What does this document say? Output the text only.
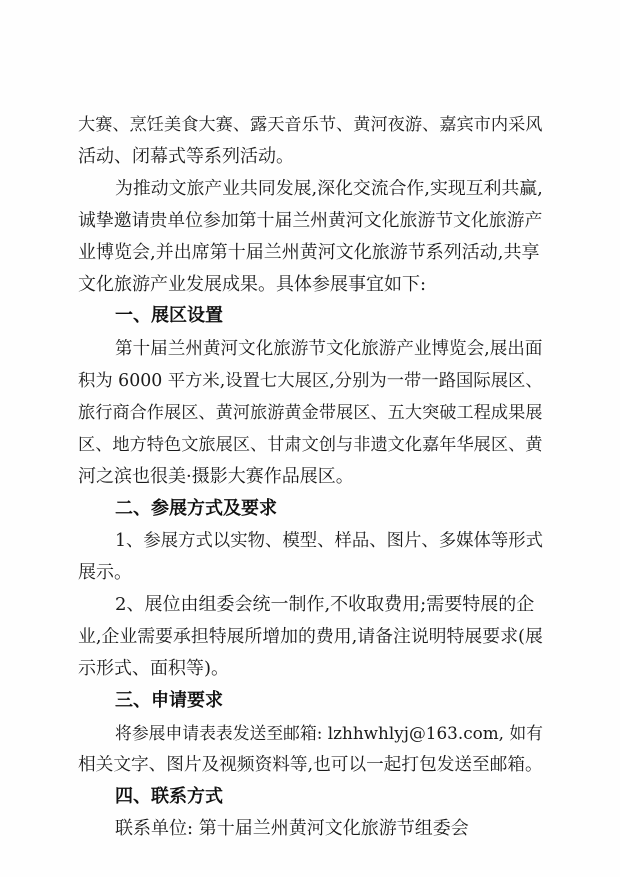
大赛、烹饪美食大赛、露天音乐节、黄河夜游、嘉宾市内采风
活动、闭幕式等系列活动。
为推动文旅产业共同发展,深化交流合作,实现互利共赢,
诚挚邀请贵单位参加第十届兰州黄河文化旅游节文化旅游产
业博览会,并出席第十届兰州黄河文化旅游节系列活动,共享
文化旅游产业发展成果。具体参展事宜如下:
一、展区设置
第十届兰州黄河文化旅游节文化旅游产业博览会,展出面
积为 6000 平方米,设置七大展区,分别为一带一路国际展区、
旅行商合作展区、黄河旅游黄金带展区、五大突破工程成果展
区、地方特色文旅展区、甘肃文创与非遗文化嘉年华展区、黄
河之滨也很美·摄影大赛作品展区。
二、参展方式及要求
1、参展方式以实物、模型、样品、图片、多媒体等形式
展示。
2、展位由组委会统一制作,不收取费用;需要特展的企
业,企业需要承担特展所增加的费用,请备注说明特展要求(展
示形式、面积等)。
三、申请要求
将参展申请表表发送至邮箱: lzhhwhlyj@163.com, 如有
相关文字、图片及视频资料等,也可以一起打包发送至邮箱。
四、联系方式
联系单位: 第十届兰州黄河文化旅游节组委会
